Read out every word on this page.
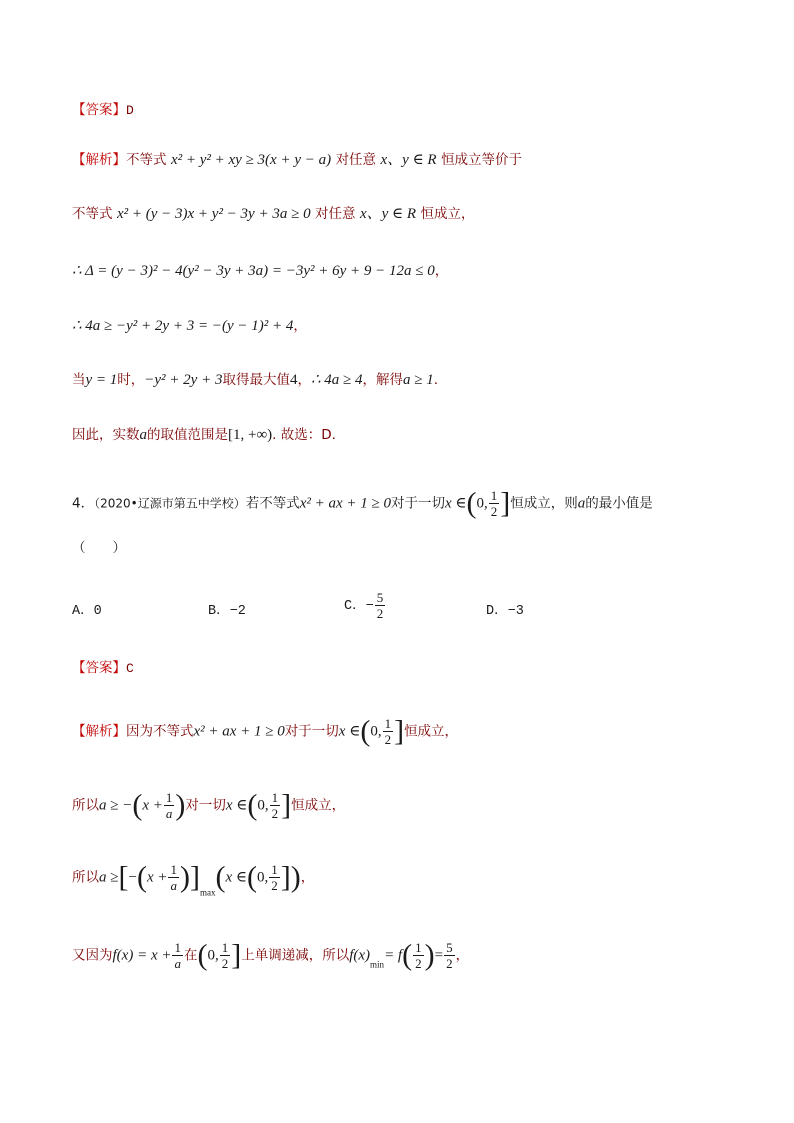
【答案】D
【解析】不等式 x² + y² + xy ≥ 3(x + y − a) 对任意 x、y ∈ R 恒成立等价于
不等式 x² + (y − 3)x + y² − 3y + 3a ≥ 0 对任意 x、y ∈ R 恒成立，
∴ Δ = (y − 3)² − 4(y² − 3y + 3a) = −3y² + 6y + 9 − 12a ≤ 0，
∴ 4a ≥ −y² + 2y + 3 = −(y − 1)² + 4，
当y = 1时，−y² + 2y + 3取得最大值4，∴ 4a ≥ 4，解得a ≥ 1.
因此，实数a的取值范围是[1, +∞). 故选：D.
4．（2020•辽源市第五中学校）若不等式x² + ax + 1 ≥ 0对于一切x ∈(0, $\frac{1}{2}$ ]恒成立，则a的最小值是
（　　）
A．0	B．−2	C．− $\frac{5}{2}$	D．−3
【答案】C
【解析】因为不等式x² + ax + 1 ≥ 0对于一切x ∈(0, $\frac{1}{2}$ ]恒成立，
所以$a \ge -(x + \frac{1}{a}$ )对一切x ∈(0, $\frac{1}{2}$ ]恒成立，
所以$a \ge[-(x + \frac{1}{a} )]_{max}(x$ ∈(0, $\frac{1}{2}$ ])，
又因为$f(x) = x + \frac{1}{a}$ 在(0, $\frac{1}{2}$ ]上单调递减，所以$f(x)_{min}= f( \frac{1}{2}$ )= $\frac{5}{2}$ ，
